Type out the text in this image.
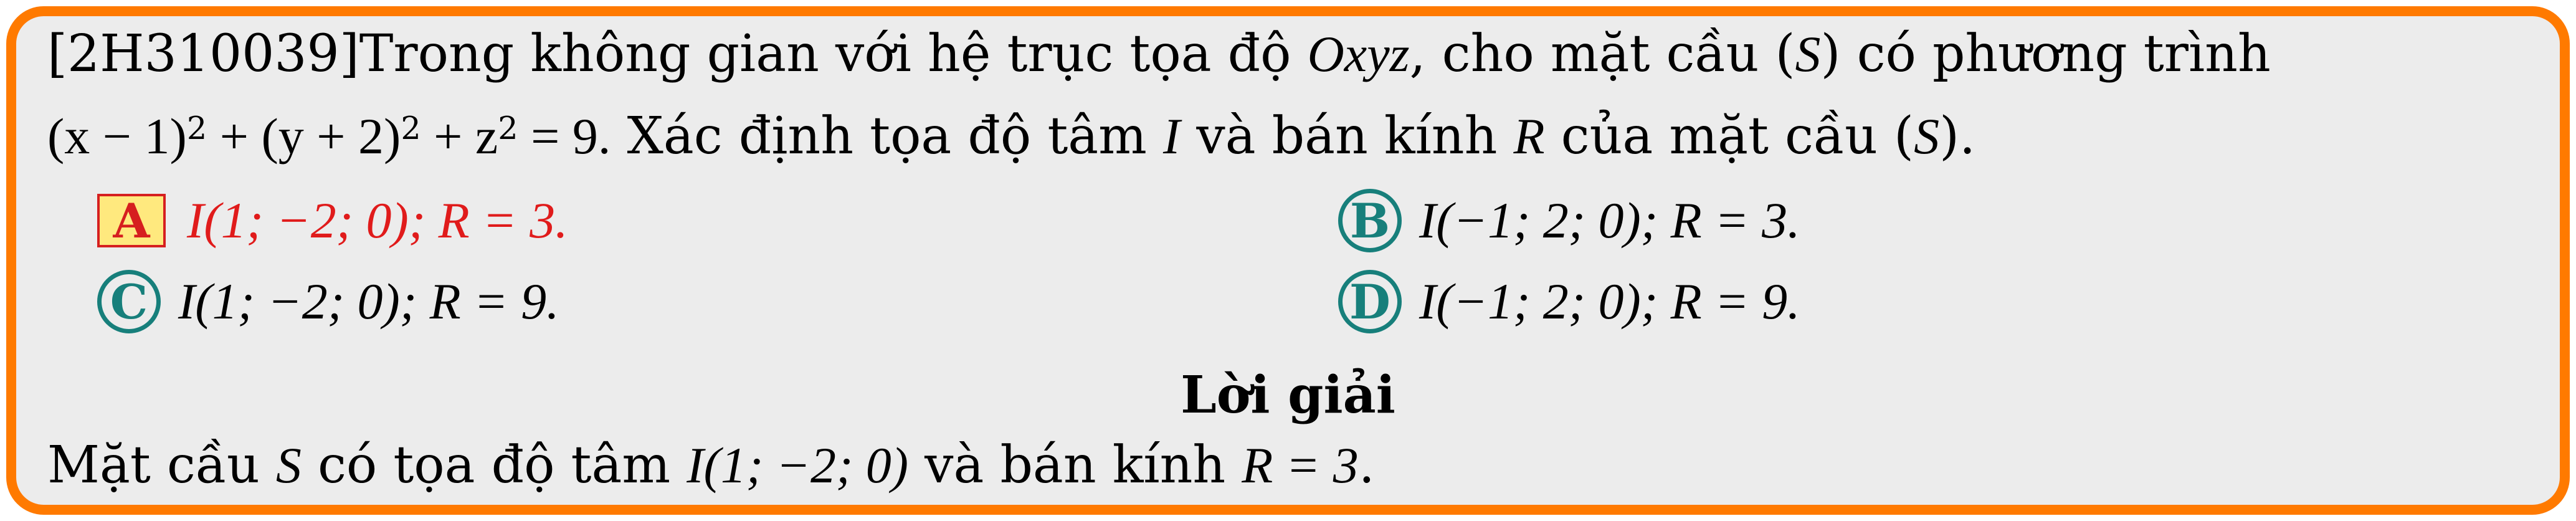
[2H310039]Trong không gian với hệ trục tọa độ Oxyz, cho mặt cầu (S) có phương trình
$(x - 1)^2 + (y + 2)^2 + z^2 = 9$. Xác định tọa độ tâm I và bán kính R của mặt cầu (S).
A I(1; −2; 0); R = 3.	B I(−1; 2; 0); R = 3.
C I(1; −2; 0); R = 9.	D I(−1; 2; 0); R = 9.
Lời giải
Mặt cầu S có tọa độ tâm I(1; −2; 0) và bán kính R = 3.
